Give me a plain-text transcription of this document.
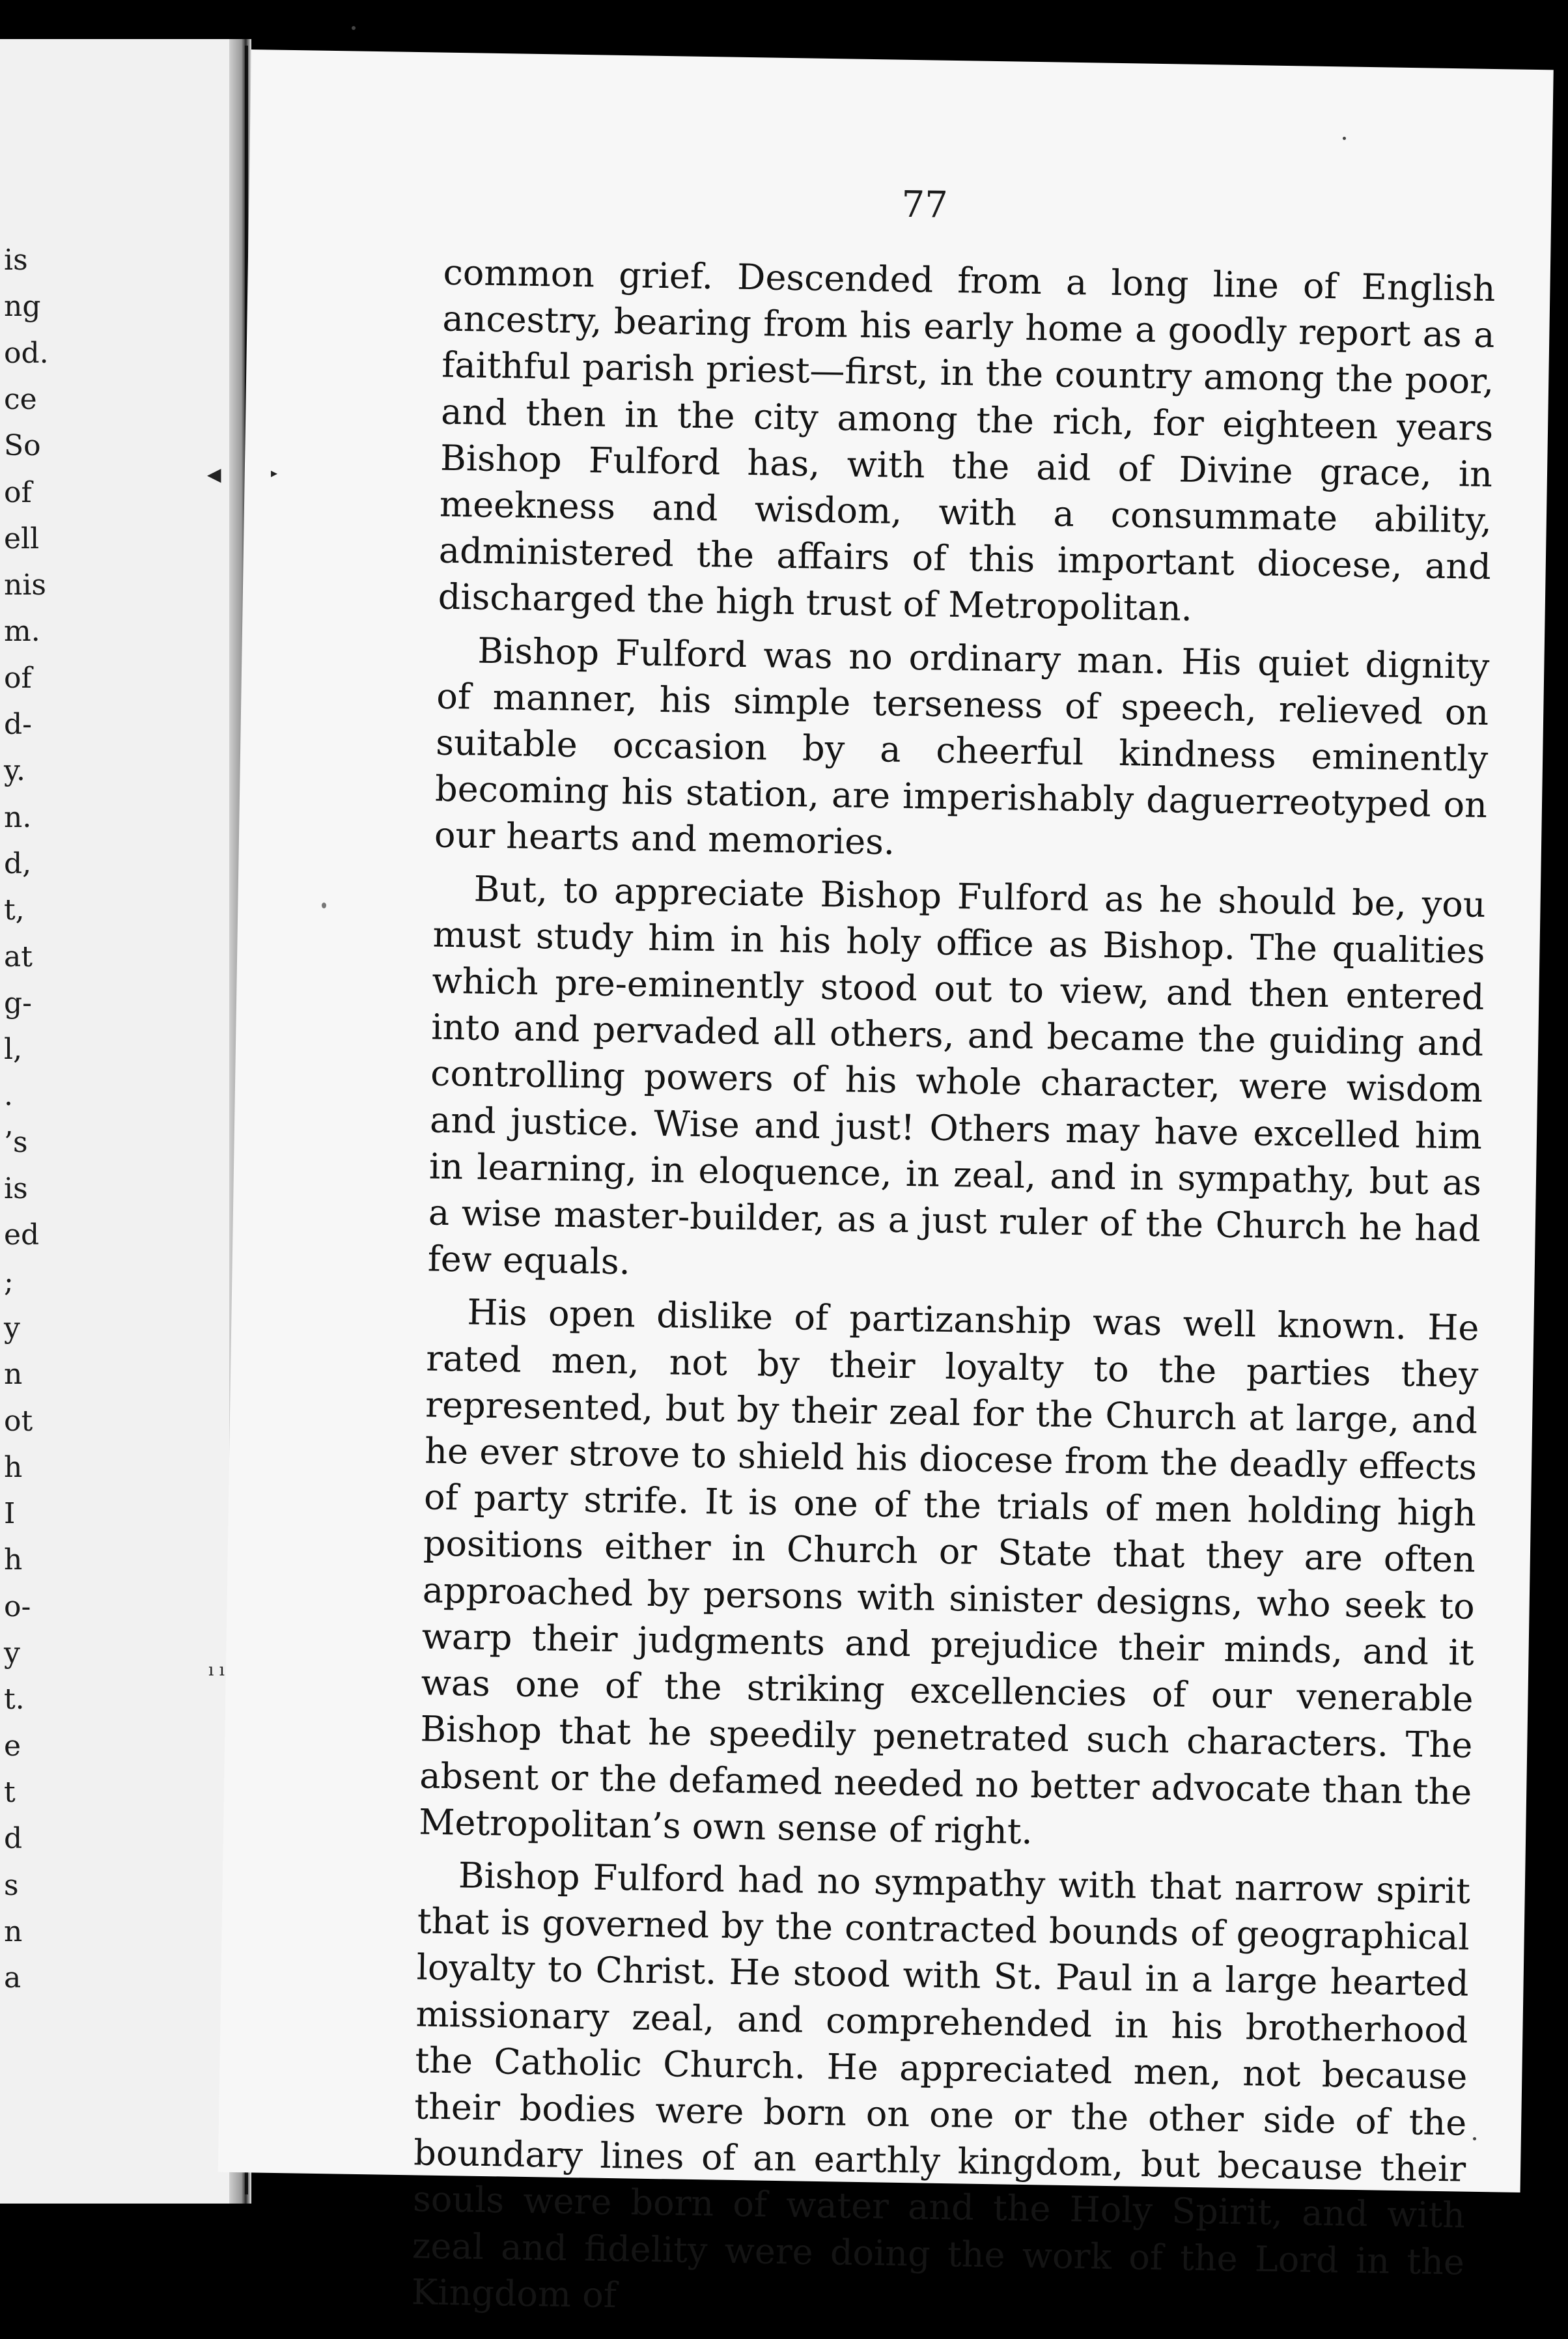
is
ng
od.
ce
So
of
ell
nis
m.
of
d-
y.
n.
d,
t,
at
g-
l,
.
’s
is
ed
;
y
n
ot
h
I
h
o-
y
t.
e
t
d
s
n
a
77

common grief. Descended from a long line of English ancestry, bearing from his early home a goodly report as a faithful parish priest—first, in the country among the poor, and then in the city among the rich, for eighteen years Bishop Fulford has, with the aid of Divine grace, in meekness and wisdom, with a consummate ability, administered the affairs of this important diocese, and discharged the high trust of Metropolitan.

Bishop Fulford was no ordinary man. His quiet dignity of manner, his simple terseness of speech, relieved on suitable occasion by a cheerful kindness eminently becoming his station, are imperishably daguerreotyped on our hearts and memories.

But, to appreciate Bishop Fulford as he should be, you must study him in his holy office as Bishop. The qualities which pre-eminently stood out to view, and then entered into and pervaded all others, and became the guiding and controlling powers of his whole character, were wisdom and justice. Wise and just! Others may have excelled him in learning, in eloquence, in zeal, and in sympathy, but as a wise master-builder, as a just ruler of the Church he had few equals.

His open dislike of partizanship was well known. He rated men, not by their loyalty to the parties they represented, but by their zeal for the Church at large, and he ever strove to shield his diocese from the deadly effects of party strife. It is one of the trials of men holding high positions either in Church or State that they are often approached by persons with sinister designs, who seek to warp their judgments and prejudice their minds, and it was one of the striking excellencies of our venerable Bishop that he speedily penetrated such characters. The absent or the defamed needed no better advocate than the Metropolitan’s own sense of right.

Bishop Fulford had no sympathy with that narrow spirit that is governed by the contracted bounds of geographical loyalty to Christ. He stood with St. Paul in a large hearted missionary zeal, and comprehended in his brotherhood the Catholic Church. He appreciated men, not because their bodies were born on one or the other side of the boundary lines of an earthly kingdom, but because their souls were born of water and the Holy Spirit, and with zeal and fidelity were doing the work of the Lord in the Kingdom of

◀	▸
ı ı
